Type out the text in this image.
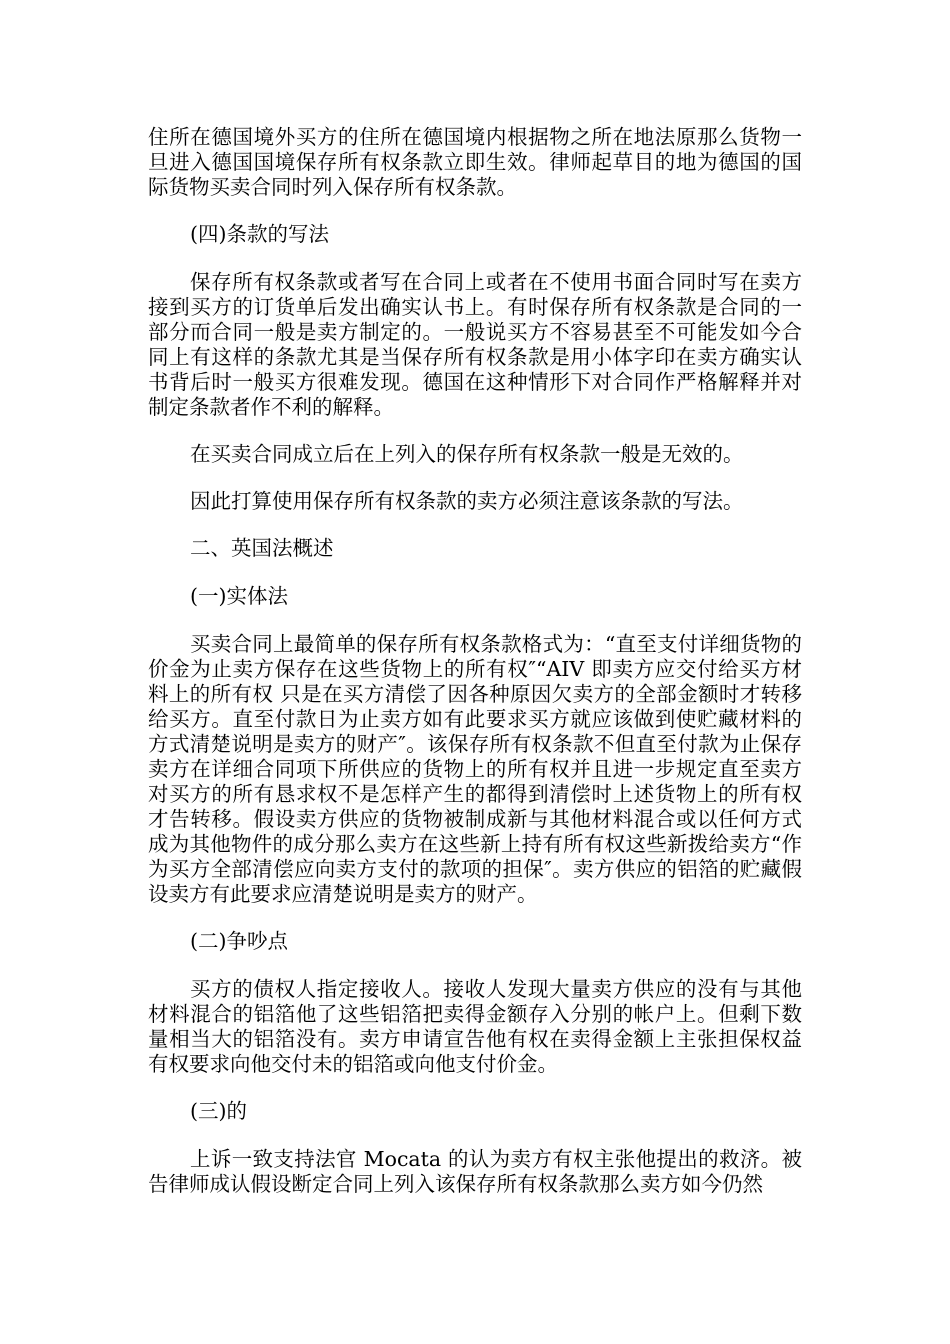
住所在德国境外买方的住所在德国境内根据物之所在地法原那么货物一旦进入德国国境保存所有权条款立即生效。律师起草目的地为德国的国际货物买卖合同时列入保存所有权条款。

(四)条款的写法

保存所有权条款或者写在合同上或者在不使用书面合同时写在卖方接到买方的订货单后发出确实认书上。有时保存所有权条款是合同的一部分而合同一般是卖方制定的。一般说买方不容易甚至不可能发如今合同上有这样的条款尤其是当保存所有权条款是用小体字印在卖方确实认书背后时一般买方很难发现。德国在这种情形下对合同作严格解释并对制定条款者作不利的解释。

在买卖合同成立后在上列入的保存所有权条款一般是无效的。

因此打算使用保存所有权条款的卖方必须注意该条款的写法。

二、英国法概述

(一)实体法

买卖合同上最简单的保存所有权条款格式为：“直至支付详细货物的价金为止卖方保存在这些货物上的所有权″“AIV 即卖方应交付给买方材料上的所有权 只是在买方清偿了因各种原因欠卖方的全部金额时才转移给买方。直至付款日为止卖方如有此要求买方就应该做到使贮藏材料的方式清楚说明是卖方的财产″。该保存所有权条款不但直至付款为止保存卖方在详细合同项下所供应的货物上的所有权并且进一步规定直至卖方对买方的所有恳求权不是怎样产生的都得到清偿时上述货物上的所有权才告转移。假设卖方供应的货物被制成新与其他材料混合或以任何方式成为其他物件的成分那么卖方在这些新上持有所有权这些新拨给卖方“作为买方全部清偿应向卖方支付的款项的担保″。卖方供应的铝箔的贮藏假设卖方有此要求应清楚说明是卖方的财产。

(二)争吵点

买方的债权人指定接收人。接收人发现大量卖方供应的没有与其他材料混合的铝箔他了这些铝箔把卖得金额存入分别的帐户上。但剩下数量相当大的铝箔没有。卖方申请宣告他有权在卖得金额上主张担保权益有权要求向他交付未的铝箔或向他支付价金。

(三)的

上诉一致支持法官 Mocata 的认为卖方有权主张他提出的救济。被告律师成认假设断定合同上列入该保存所有权条款那么卖方如今仍然
